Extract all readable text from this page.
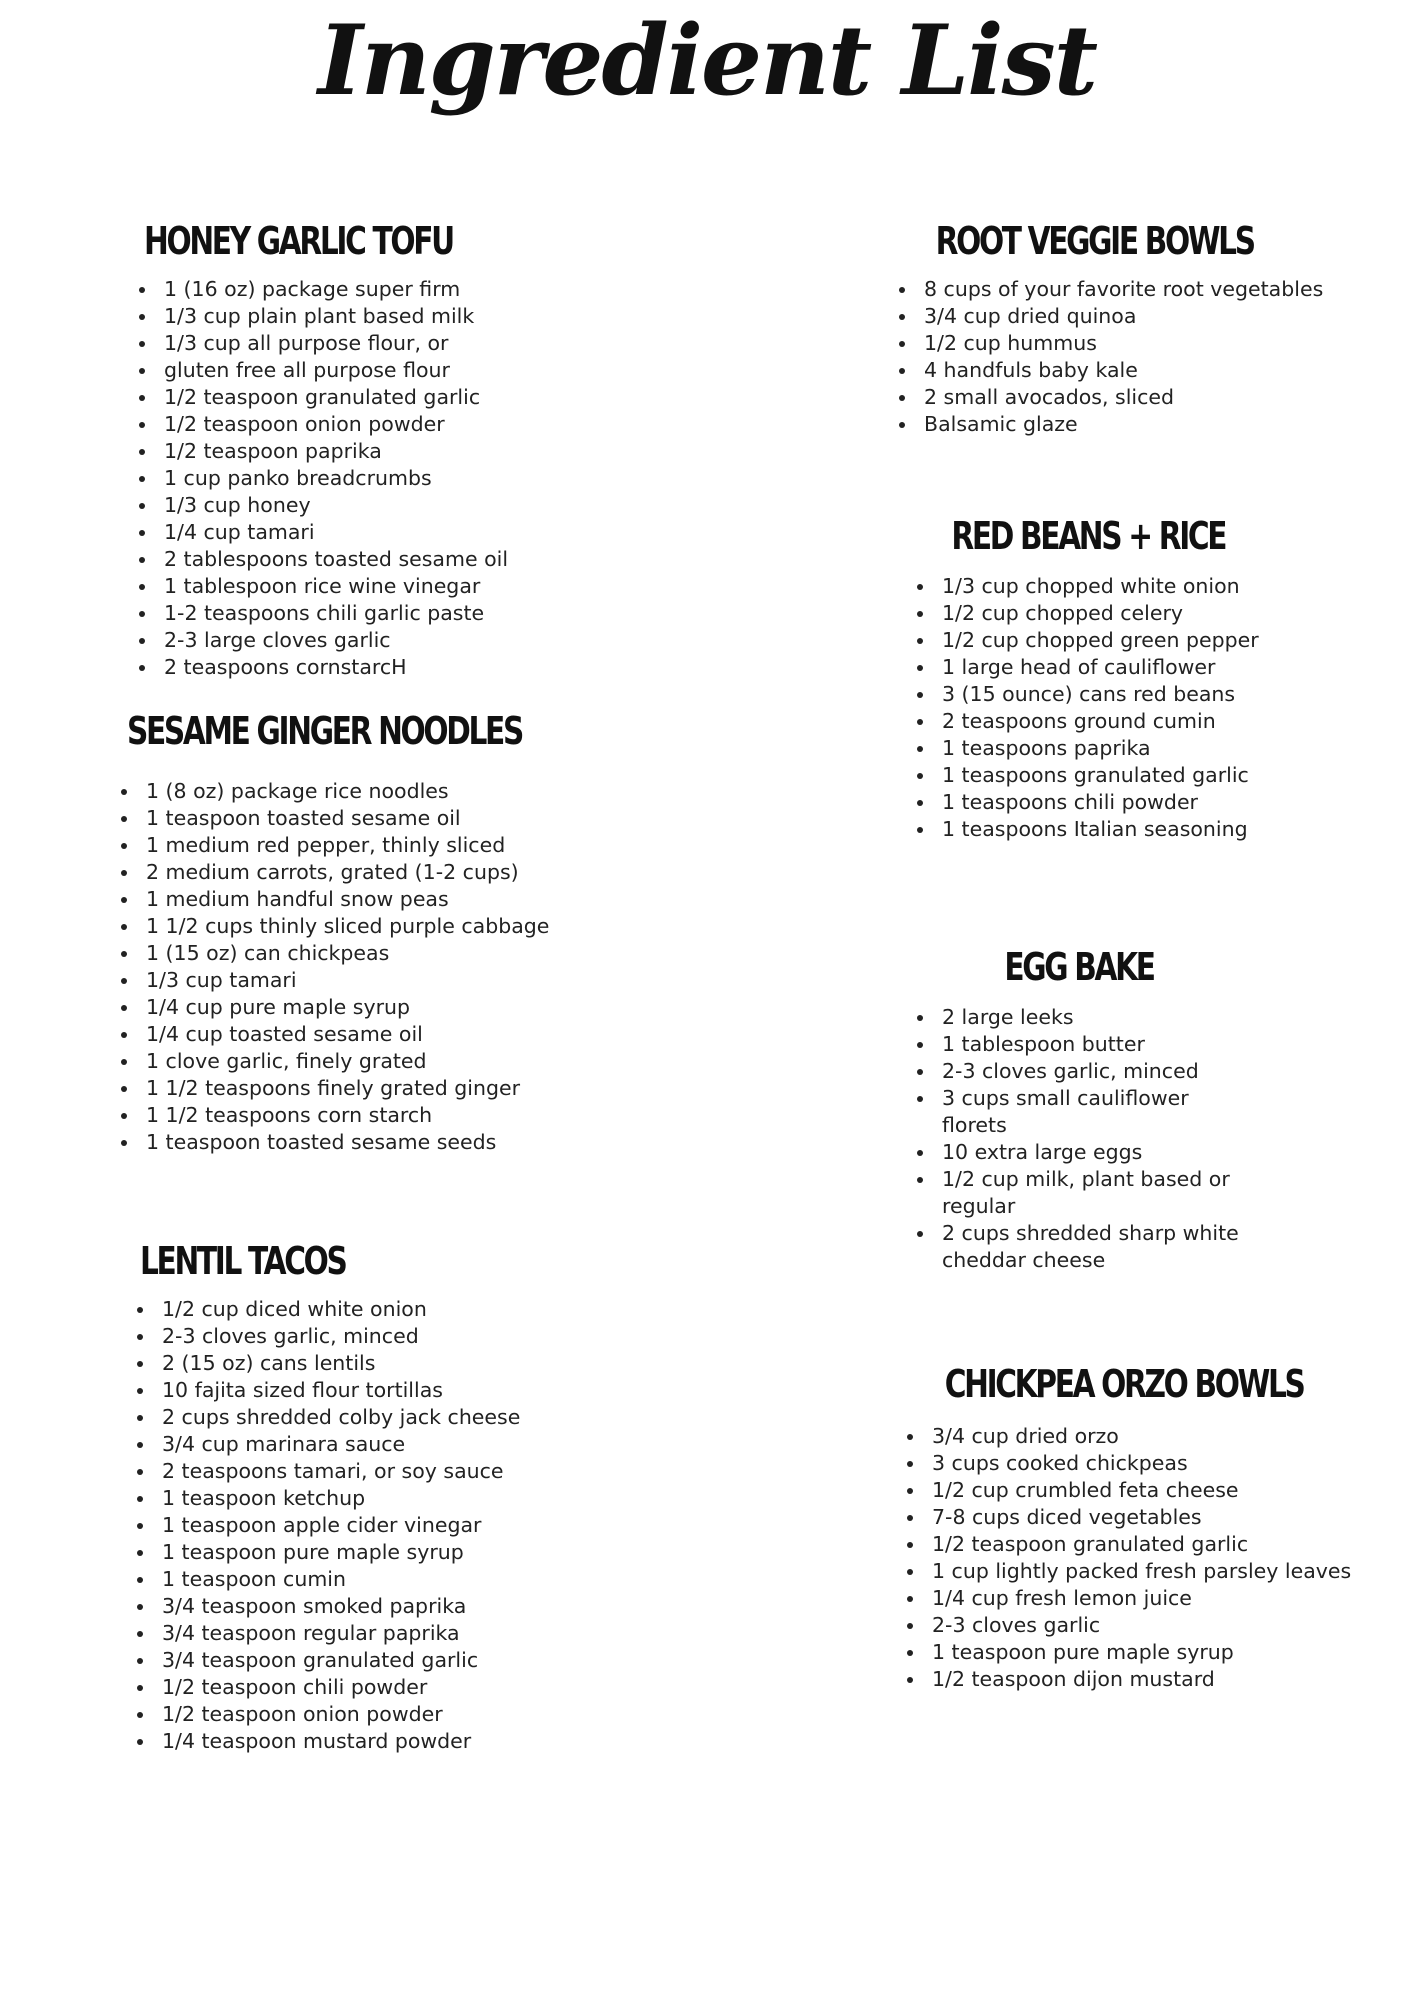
Ingredient List
HONEY GARLIC TOFU
1 (16 oz) package super firm
1/3 cup plain plant based milk
1/3 cup all purpose flour, or
gluten free all purpose flour
1/2 teaspoon granulated garlic
1/2 teaspoon onion powder
1/2 teaspoon paprika
1 cup panko breadcrumbs
1/3 cup honey
1/4 cup tamari
2 tablespoons toasted sesame oil
1 tablespoon rice wine vinegar
1-2 teaspoons chili garlic paste
2-3 large cloves garlic
2 teaspoons cornstarcH
SESAME GINGER NOODLES
1 (8 oz) package rice noodles
1 teaspoon toasted sesame oil
1 medium red pepper, thinly sliced
2 medium carrots, grated (1-2 cups)
1 medium handful snow peas
1 1/2 cups thinly sliced purple cabbage
1 (15 oz) can chickpeas
1/3 cup tamari
1/4 cup pure maple syrup
1/4 cup toasted sesame oil
1 clove garlic, finely grated
1 1/2 teaspoons finely grated ginger
1 1/2 teaspoons corn starch
1 teaspoon toasted sesame seeds
LENTIL TACOS
1/2 cup diced white onion
2-3 cloves garlic, minced
2 (15 oz) cans lentils
10 fajita sized flour tortillas
2 cups shredded colby jack cheese
3/4 cup marinara sauce
2 teaspoons tamari, or soy sauce
1 teaspoon ketchup
1 teaspoon apple cider vinegar
1 teaspoon pure maple syrup
1 teaspoon cumin
3/4 teaspoon smoked paprika
3/4 teaspoon regular paprika
3/4 teaspoon granulated garlic
1/2 teaspoon chili powder
1/2 teaspoon onion powder
1/4 teaspoon mustard powder
ROOT VEGGIE BOWLS
8 cups of your favorite root vegetables
3/4 cup dried quinoa
1/2 cup hummus
4 handfuls baby kale
2 small avocados, sliced
Balsamic glaze
RED BEANS + RICE
1/3 cup chopped white onion
1/2 cup chopped celery
1/2 cup chopped green pepper
1 large head of cauliflower
3 (15 ounce) cans red beans
2 teaspoons ground cumin
1 teaspoons paprika
1 teaspoons granulated garlic
1 teaspoons chili powder
1 teaspoons Italian seasoning
EGG BAKE
2 large leeks
1 tablespoon butter
2-3 cloves garlic, minced
3 cups small cauliflower florets
10 extra large eggs
1/2 cup milk, plant based or regular
2 cups shredded sharp white cheddar cheese
CHICKPEA ORZO BOWLS
3/4 cup dried orzo
3 cups cooked chickpeas
1/2 cup crumbled feta cheese
7-8 cups diced vegetables
1/2 teaspoon granulated garlic
1 cup lightly packed fresh parsley leaves
1/4 cup fresh lemon juice
2-3 cloves garlic
1 teaspoon pure maple syrup
1/2 teaspoon dijon mustard
